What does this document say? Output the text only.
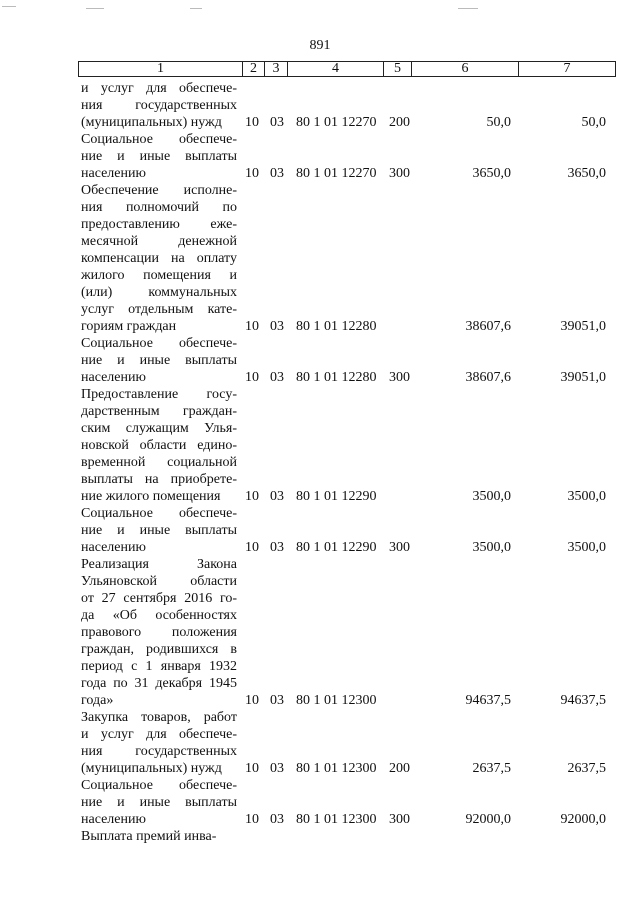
891
1	2	3	4	5	6	7
и услуг для обеспече-
ния государственных
(муниципальных) нужд	10 03 80 1 01 12270 200	50,0	50,0
Социальное обеспече-
ние и иные выплаты
населению	10 03 80 1 01 12270 300	3650,0	3650,0
Обеспечение исполне-
ния полномочий по
предоставлению еже-
месячной денежной
компенсации на оплату
жилого помещения и
(или) коммунальных
услуг отдельным кате-
гориям граждан	10 03 80 1 01 12280	38607,6	39051,0
Социальное обеспече-
ние и иные выплаты
населению	10 03 80 1 01 12280 300	38607,6	39051,0
Предоставление госу-
дарственным граждан-
ским служащим Улья-
новской области едино-
временной социальной
выплаты на приобрете-
ние жилого помещения	10 03 80 1 01 12290	3500,0	3500,0
Социальное обеспече-
ние и иные выплаты
населению	10 03 80 1 01 12290 300	3500,0	3500,0
Реализация Закона
Ульяновской области
от 27 сентября 2016 го-
да «Об особенностях
правового положения
граждан, родившихся в
период с 1 января 1932
года по 31 декабря 1945
года»	10 03 80 1 01 12300	94637,5	94637,5
Закупка товаров, работ
и услуг для обеспече-
ния государственных
(муниципальных) нужд	10 03 80 1 01 12300 200	2637,5	2637,5
Социальное обеспече-
ние и иные выплаты
населению	10 03 80 1 01 12300 300	92000,0	92000,0
Выплата премий инва-
